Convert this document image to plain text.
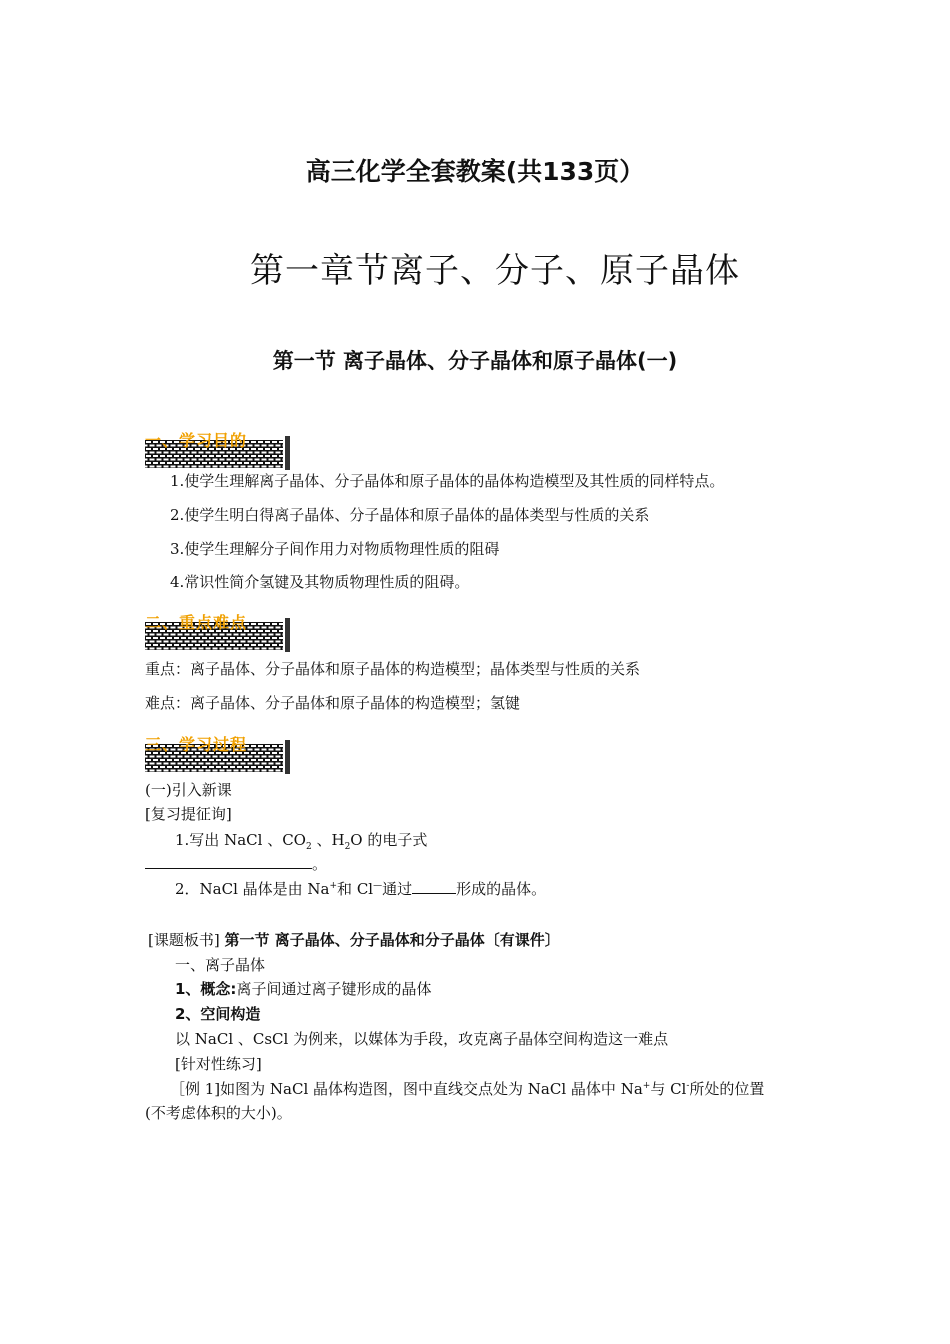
高三化学全套教案(共133页）
第一章节离子、分子、原子晶体
第一节 离子晶体、分子晶体和原子晶体(一)
一、学习目的
1.使学生理解离子晶体、分子晶体和原子晶体的晶体构造模型及其性质的同样特点。
2.使学生明白得离子晶体、分子晶体和原子晶体的晶体类型与性质的关系
3.使学生理解分子间作用力对物质物理性质的阻碍
4.常识性简介氢键及其物质物理性质的阻碍。
二、重点难点
重点：离子晶体、分子晶体和原子晶体的构造模型；晶体类型与性质的关系
难点：离子晶体、分子晶体和原子晶体的构造模型；氢键
三、学习过程
(一)引入新课
[复习提征询]
1.写出 NaCl 、$CO_2$ 、$H_2O$ 的电子式
。
2．NaCl 晶体是由 Na+和 Cl—通过	形成的晶体。
[课题板书] 第一节 离子晶体、分子晶体和分子晶体〔有课件〕
一、离子晶体
1、概念:离子间通过离子键形成的晶体
2、空间构造
以 NaCl 、CsCl 为例来，以媒体为手段，攻克离子晶体空间构造这一难点
[针对性练习]
［例 1]如图为 NaCl 晶体构造图，图中直线交点处为 NaCl 晶体中 Na+与 Cl-所处的位置
(不考虑体积的大小)。
